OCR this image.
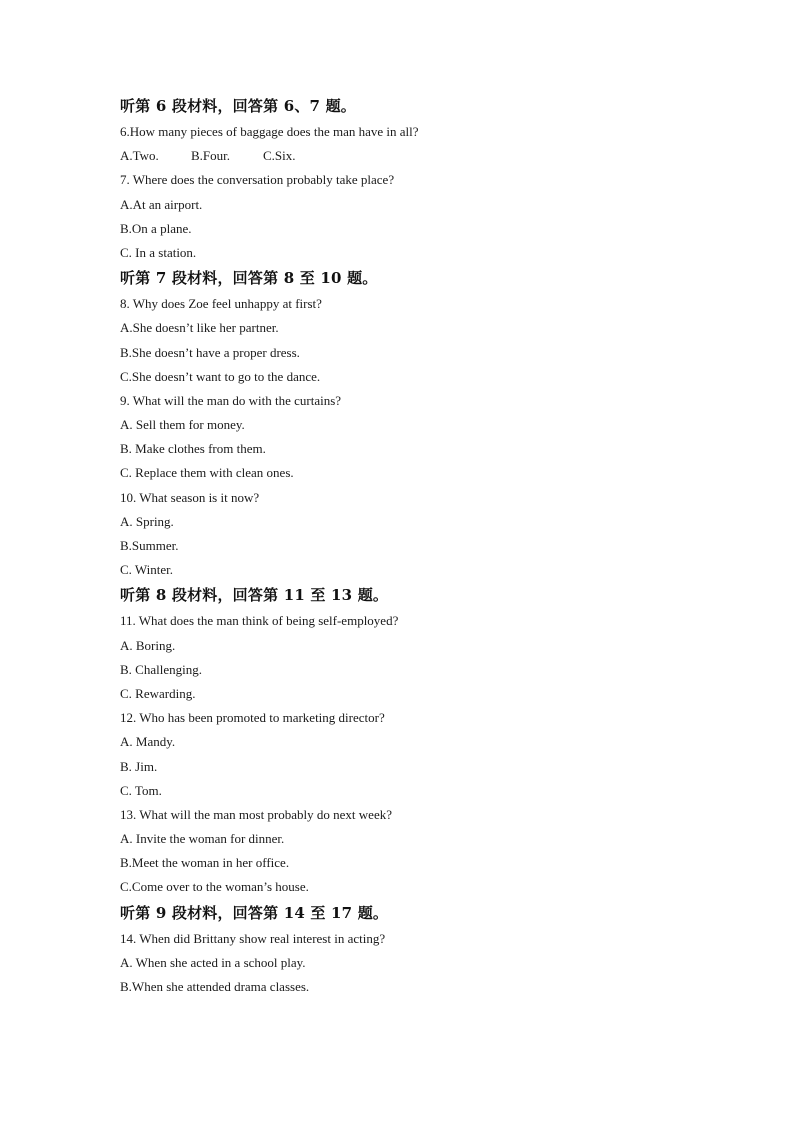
听第 6 段材料，回答第 6、7 题。
6.How many pieces of baggage does the man have in all?
A.Two.	B.Four.	C.Six.
7. Where does the conversation probably take place?
A.At an airport.
B.On a plane.
C. In a station.
听第 7 段材料，回答第 8 至 10 题。
8. Why does Zoe feel unhappy at first?
A.She doesn’t like her partner.
B.She doesn’t have a proper dress.
C.She doesn’t want to go to the dance.
9. What will the man do with the curtains?
A. Sell them for money.
B. Make clothes from them.
C. Replace them with clean ones.
10. What season is it now?
A. Spring.
B.Summer.
C. Winter.
听第 8 段材料，回答第 11 至 13 题。
11. What does the man think of being self-employed?
A. Boring.
B. Challenging.
C. Rewarding.
12. Who has been promoted to marketing director?
A. Mandy.
B. Jim.
C. Tom.
13. What will the man most probably do next week?
A. Invite the woman for dinner.
B.Meet the woman in her office.
C.Come over to the woman’s house.
听第 9 段材料，回答第 14 至 17 题。
14. When did Brittany show real interest in acting?
A. When she acted in a school play.
B.When she attended drama classes.
